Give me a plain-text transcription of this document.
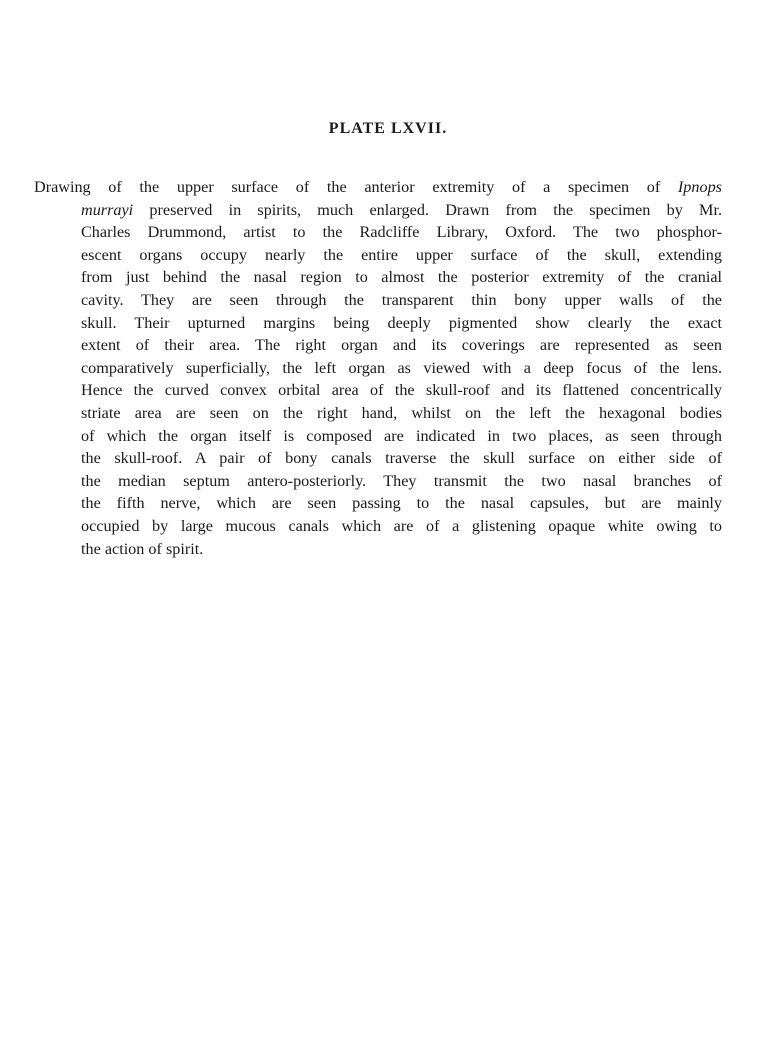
PLATE LXVII.
Drawing of the upper surface of the anterior extremity of a specimen of Ipnops
murrayi preserved in spirits, much enlarged. Drawn from the specimen by Mr.
Charles Drummond, artist to the Radcliffe Library, Oxford. The two phosphor-
escent organs occupy nearly the entire upper surface of the skull, extending
from just behind the nasal region to almost the posterior extremity of the cranial
cavity. They are seen through the transparent thin bony upper walls of the
skull. Their upturned margins being deeply pigmented show clearly the exact
extent of their area. The right organ and its coverings are represented as seen
comparatively superficially, the left organ as viewed with a deep focus of the lens.
Hence the curved convex orbital area of the skull-roof and its flattened concentrically
striate area are seen on the right hand, whilst on the left the hexagonal bodies
of which the organ itself is composed are indicated in two places, as seen through
the skull-roof. A pair of bony canals traverse the skull surface on either side of
the median septum antero-posteriorly. They transmit the two nasal branches of
the fifth nerve, which are seen passing to the nasal capsules, but are mainly
occupied by large mucous canals which are of a glistening opaque white owing to
the action of spirit.
